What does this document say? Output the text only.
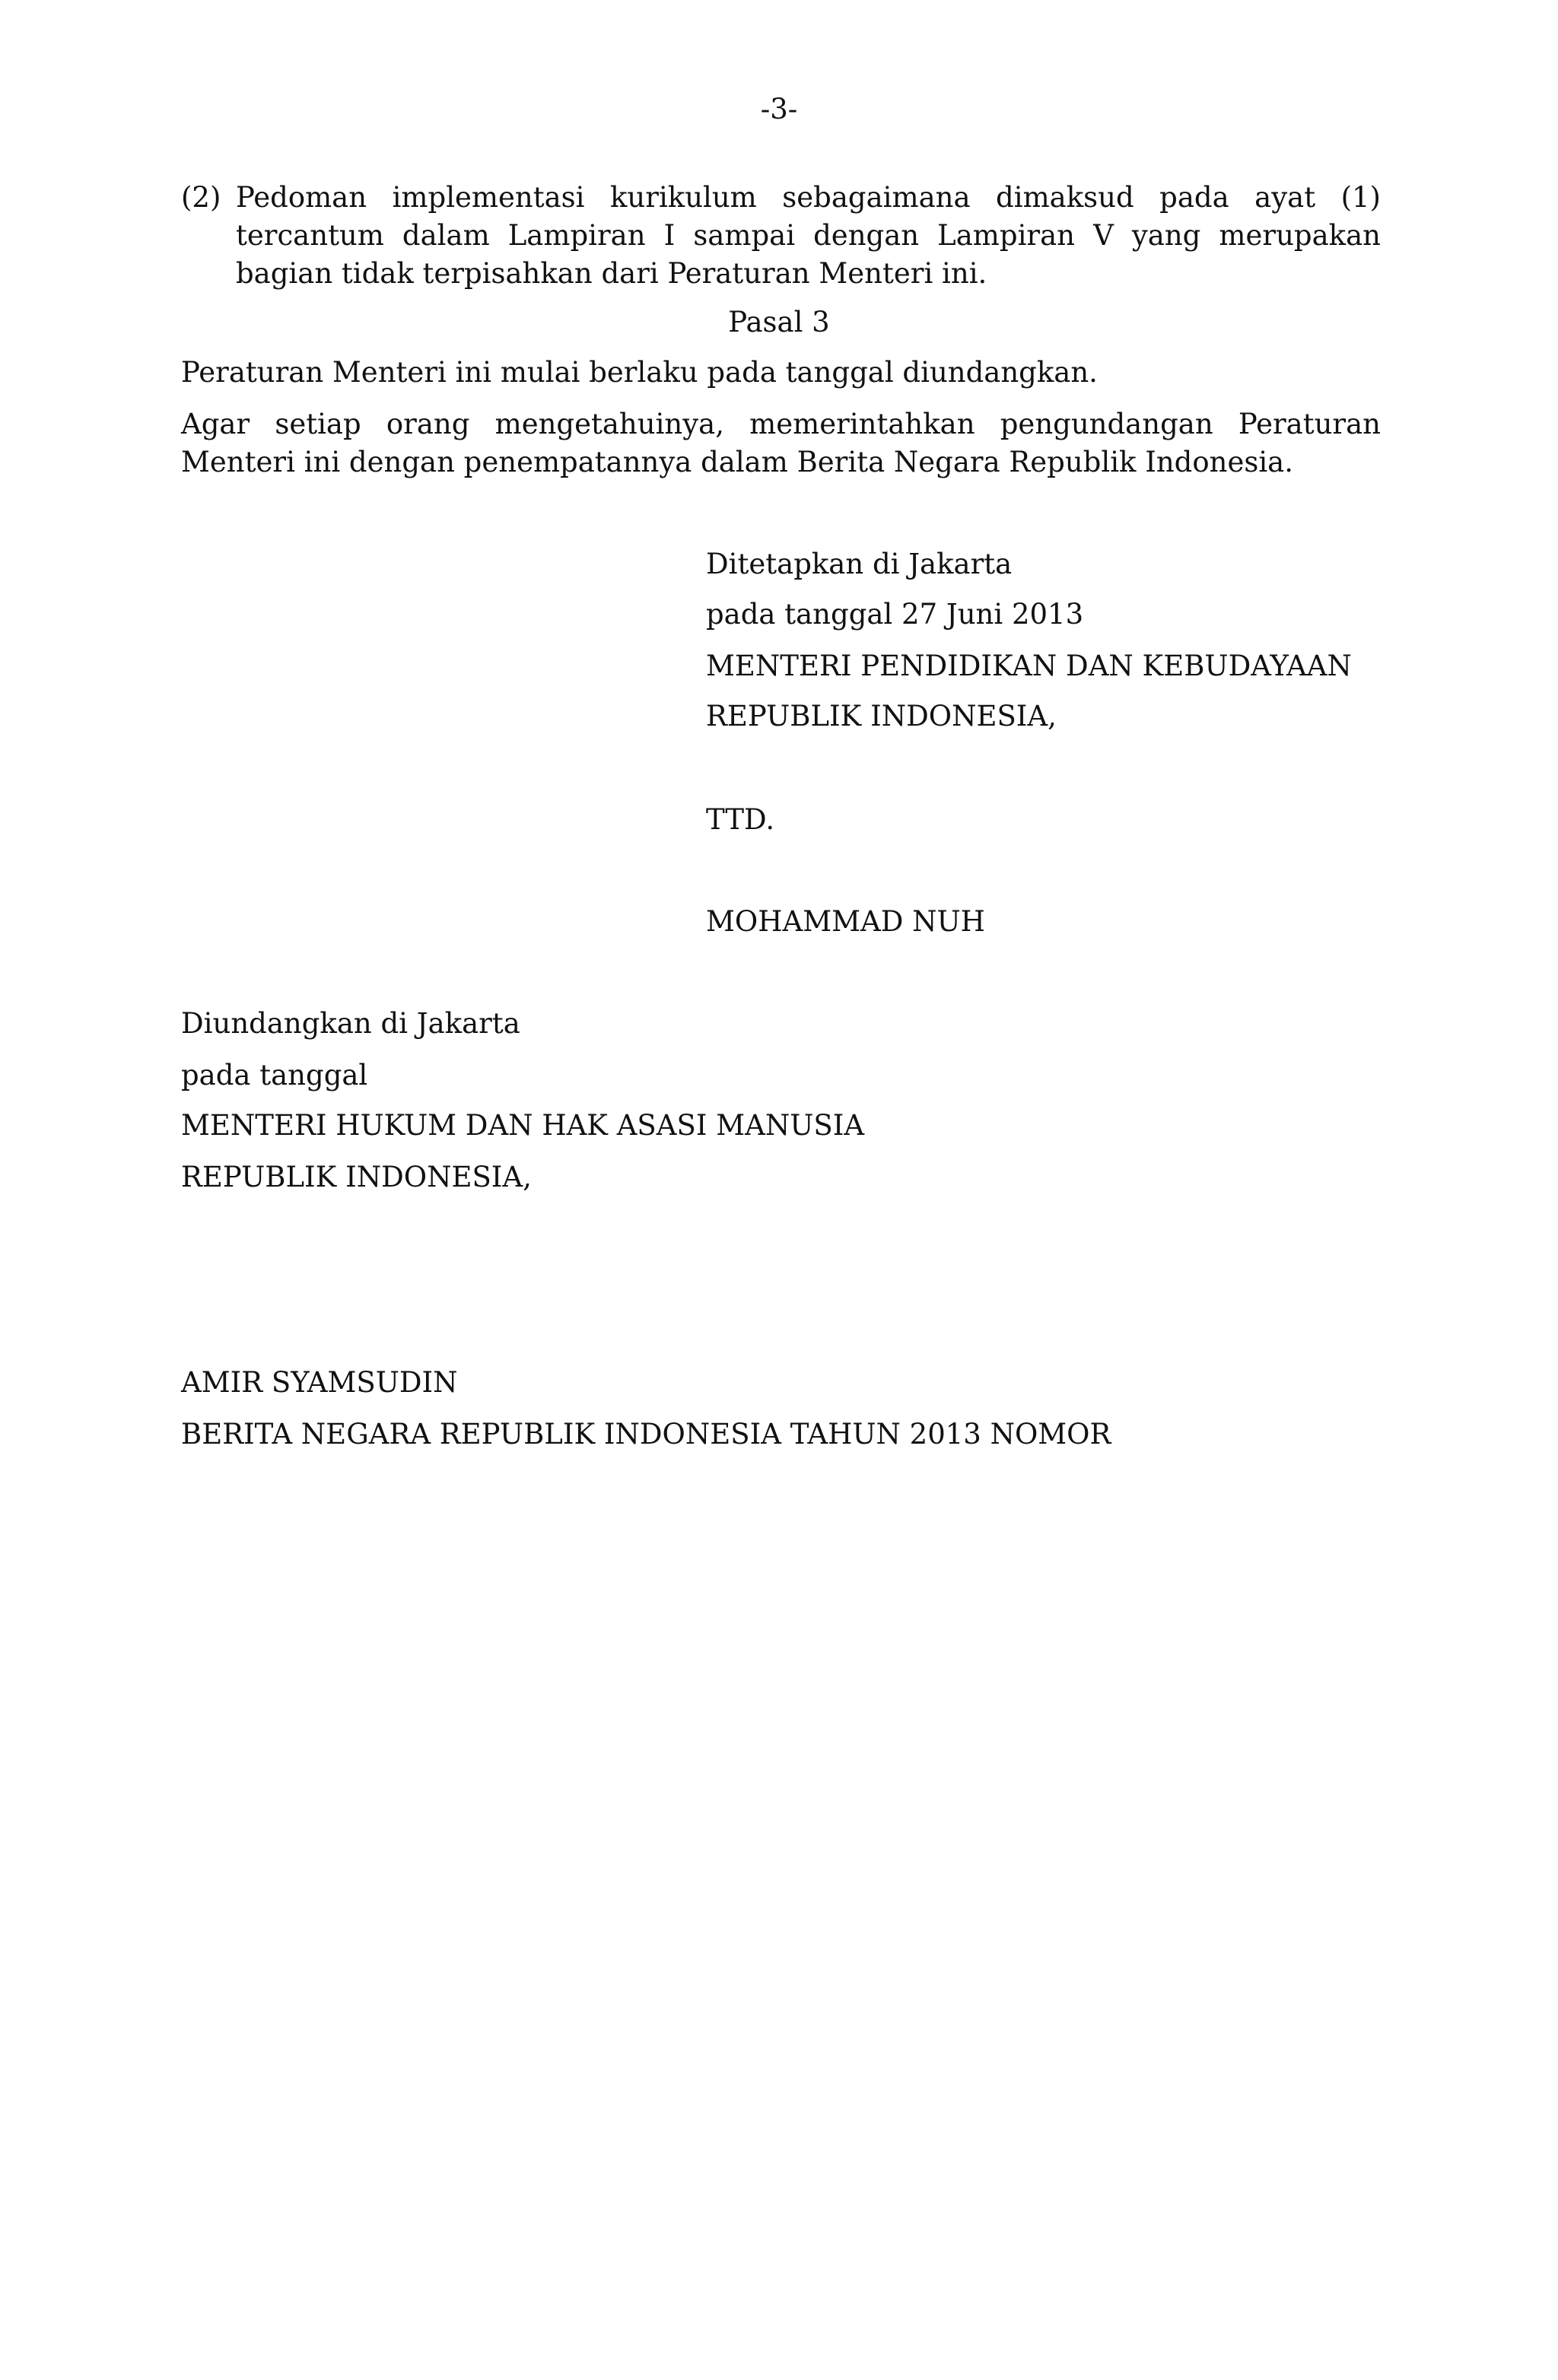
-3-
(2) Pedoman implementasi kurikulum sebagaimana dimaksud pada ayat (1)
tercantum dalam Lampiran I sampai dengan Lampiran V yang merupakan
bagian tidak terpisahkan dari Peraturan Menteri ini.
Pasal 3
Peraturan Menteri ini mulai berlaku pada tanggal diundangkan.
Agar setiap orang mengetahuinya, memerintahkan pengundangan Peraturan
Menteri ini dengan penempatannya dalam Berita Negara Republik Indonesia.
Ditetapkan di Jakarta
pada tanggal 27 Juni 2013
MENTERI PENDIDIKAN DAN KEBUDAYAAN
REPUBLIK INDONESIA,
TTD.
MOHAMMAD NUH
Diundangkan di Jakarta
pada tanggal
MENTERI HUKUM DAN HAK ASASI MANUSIA
REPUBLIK INDONESIA,
AMIR SYAMSUDIN
BERITA NEGARA REPUBLIK INDONESIA TAHUN 2013 NOMOR
